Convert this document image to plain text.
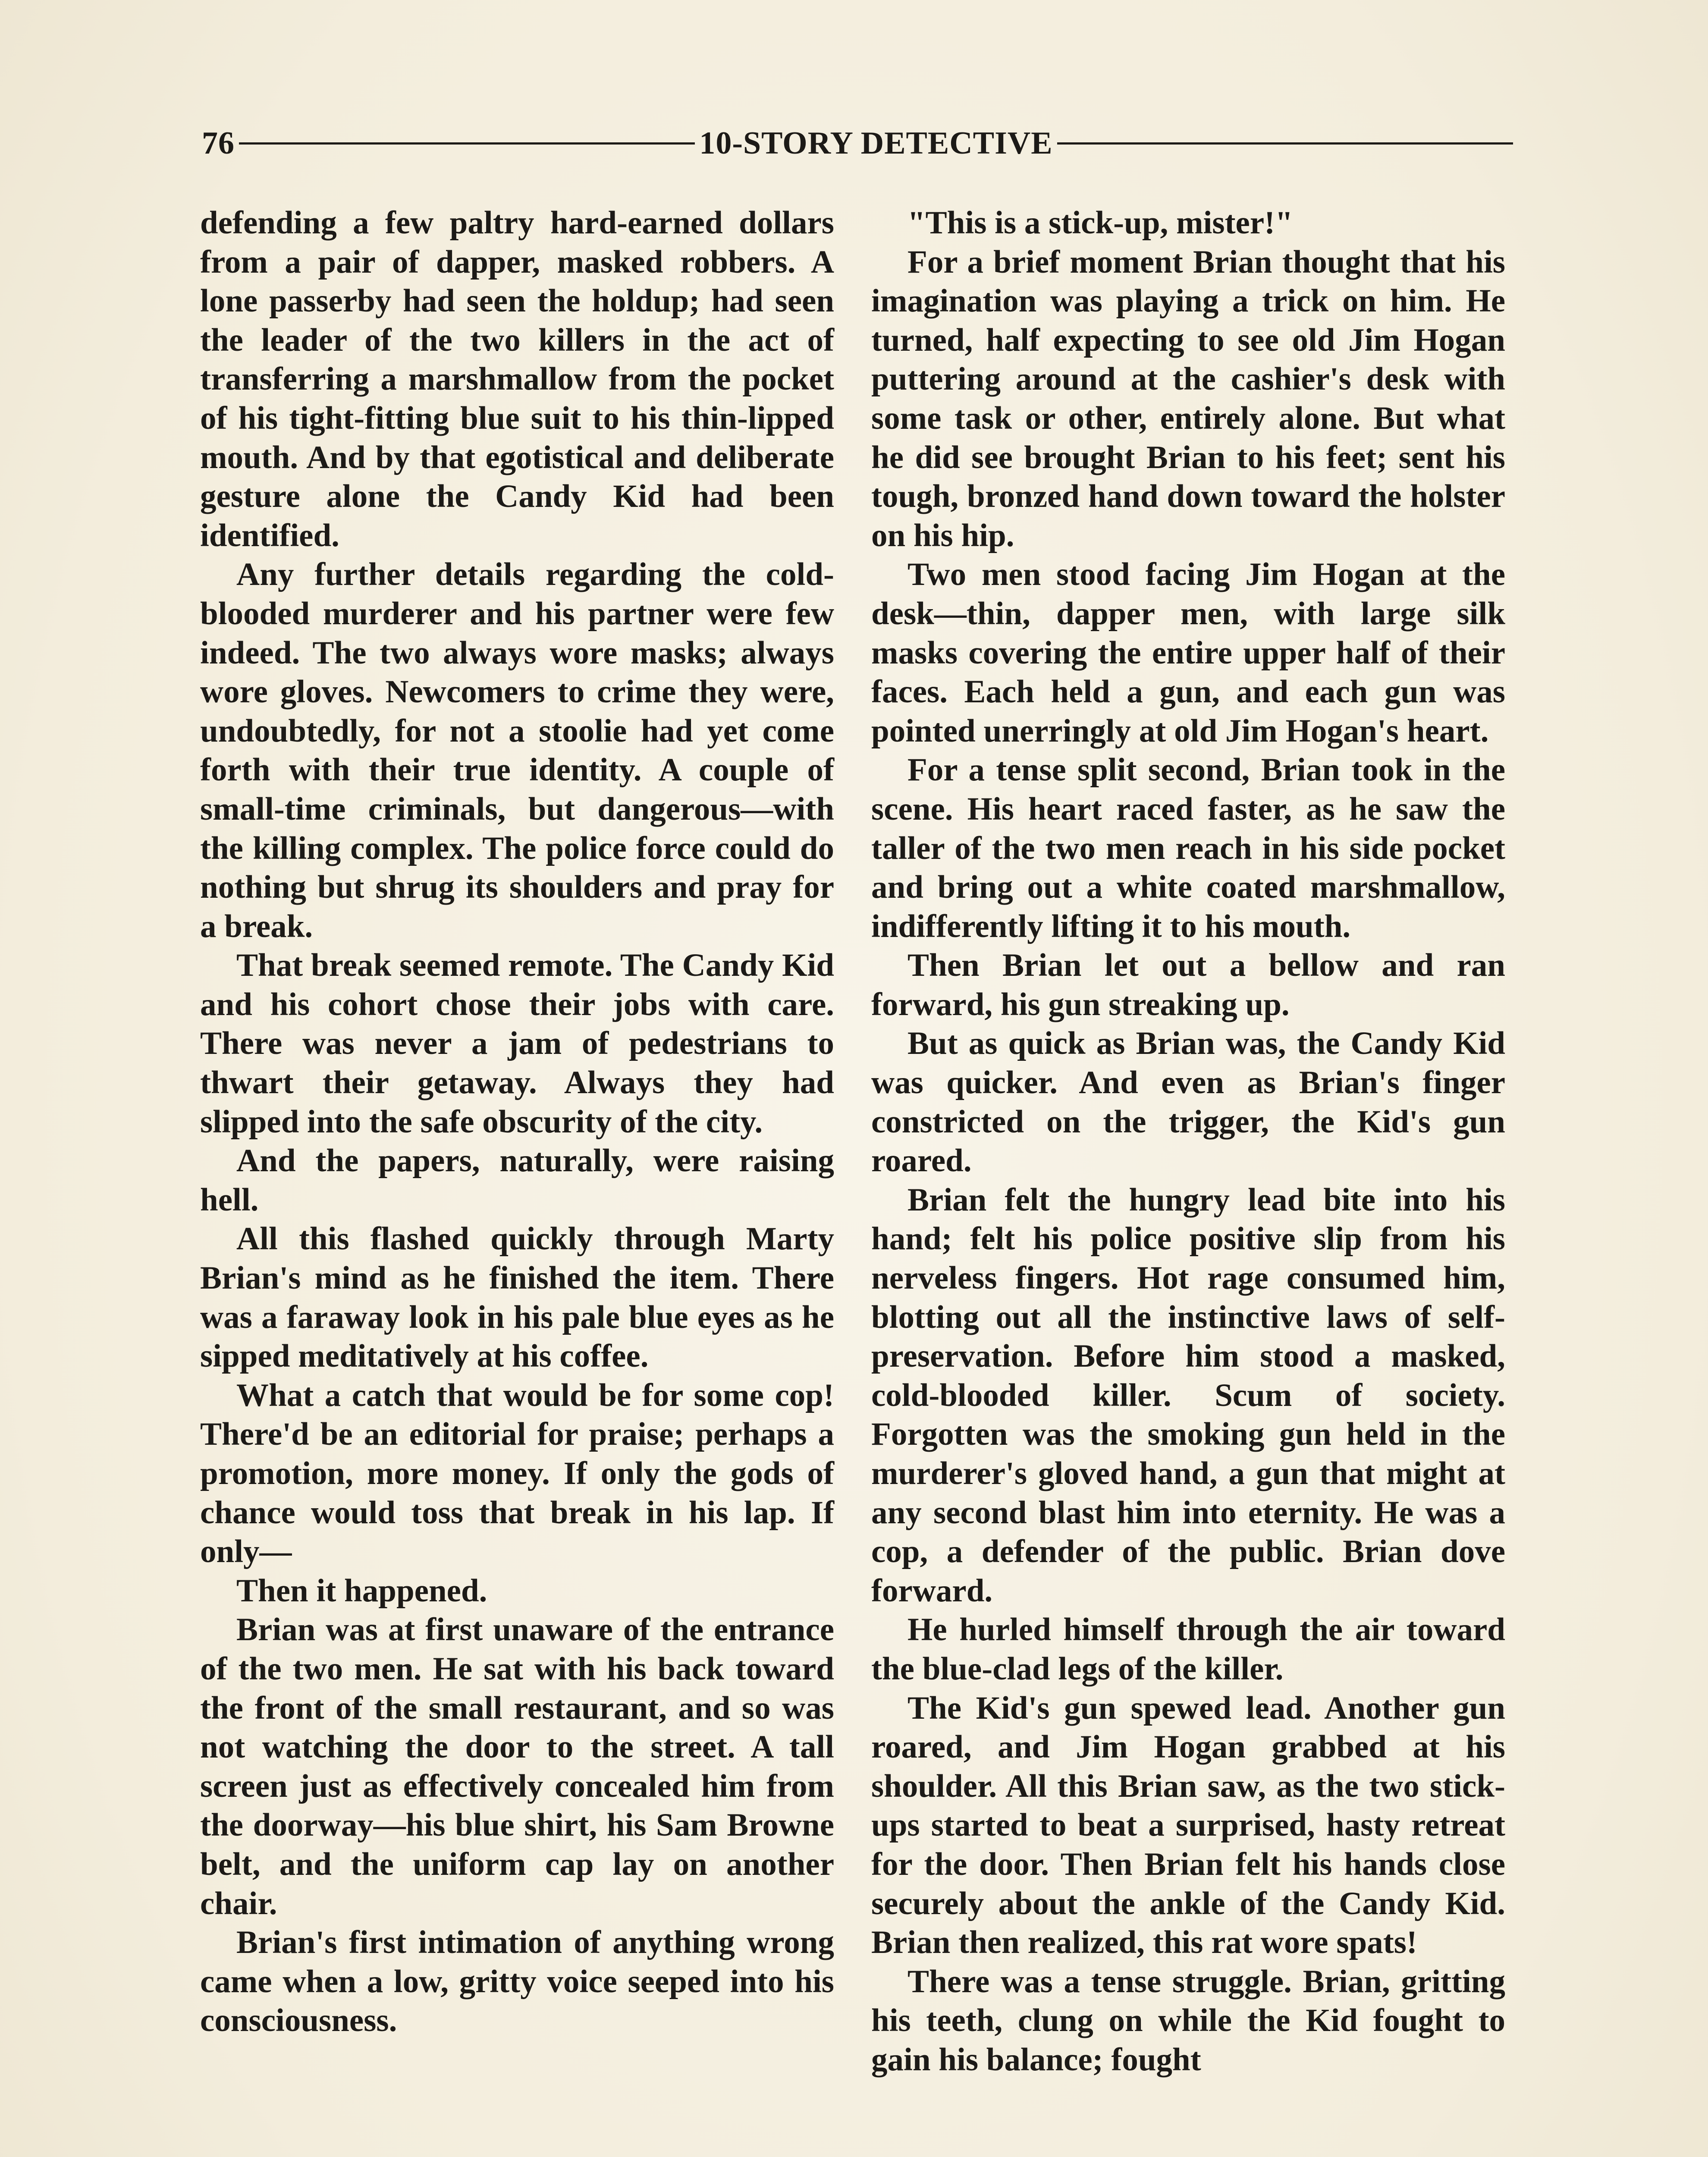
76	10-STORY DETECTIVE

defending a few paltry hard-earned dollars from a pair of dapper, masked robbers. A lone passerby had seen the holdup; had seen the leader of the two killers in the act of transferring a marshmallow from the pocket of his tight-fitting blue suit to his thin-lipped mouth. And by that egotistical and deliberate gesture alone the Candy Kid had been identified.

Any further details regarding the cold-blooded murderer and his partner were few indeed. The two always wore masks; always wore gloves. Newcomers to crime they were, undoubtedly, for not a stoolie had yet come forth with their true identity. A couple of small-time criminals, but dangerous—with the killing complex. The police force could do nothing but shrug its shoulders and pray for a break.

That break seemed remote. The Candy Kid and his cohort chose their jobs with care. There was never a jam of pedestrians to thwart their getaway. Always they had slipped into the safe obscurity of the city.

And the papers, naturally, were raising hell.

All this flashed quickly through Marty Brian's mind as he finished the item. There was a faraway look in his pale blue eyes as he sipped meditatively at his coffee.

What a catch that would be for some cop! There'd be an editorial for praise; perhaps a promotion, more money. If only the gods of chance would toss that break in his lap. If only—

Then it happened.

Brian was at first unaware of the entrance of the two men. He sat with his back toward the front of the small restaurant, and so was not watching the door to the street. A tall screen just as effectively concealed him from the doorway—his blue shirt, his Sam Browne belt, and the uniform cap lay on another chair.

Brian's first intimation of anything wrong came when a low, gritty voice seeped into his consciousness.

"This is a stick-up, mister!"

For a brief moment Brian thought that his imagination was playing a trick on him. He turned, half expecting to see old Jim Hogan puttering around at the cashier's desk with some task or other, entirely alone. But what he did see brought Brian to his feet; sent his tough, bronzed hand down toward the holster on his hip.

Two men stood facing Jim Hogan at the desk—thin, dapper men, with large silk masks covering the entire upper half of their faces. Each held a gun, and each gun was pointed unerringly at old Jim Hogan's heart.

For a tense split second, Brian took in the scene. His heart raced faster, as he saw the taller of the two men reach in his side pocket and bring out a white coated marshmallow, indifferently lifting it to his mouth.

Then Brian let out a bellow and ran forward, his gun streaking up.

But as quick as Brian was, the Candy Kid was quicker. And even as Brian's finger constricted on the trigger, the Kid's gun roared.

Brian felt the hungry lead bite into his hand; felt his police positive slip from his nerveless fingers. Hot rage consumed him, blotting out all the instinctive laws of self-preservation. Before him stood a masked, cold-blooded killer. Scum of society. Forgotten was the smoking gun held in the murderer's gloved hand, a gun that might at any second blast him into eternity. He was a cop, a defender of the public. Brian dove forward.

He hurled himself through the air toward the blue-clad legs of the killer.

The Kid's gun spewed lead. Another gun roared, and Jim Hogan grabbed at his shoulder. All this Brian saw, as the two stick-ups started to beat a surprised, hasty retreat for the door. Then Brian felt his hands close securely about the ankle of the Candy Kid. Brian then realized, this rat wore spats!

There was a tense struggle. Brian, gritting his teeth, clung on while the Kid fought to gain his balance; fought
